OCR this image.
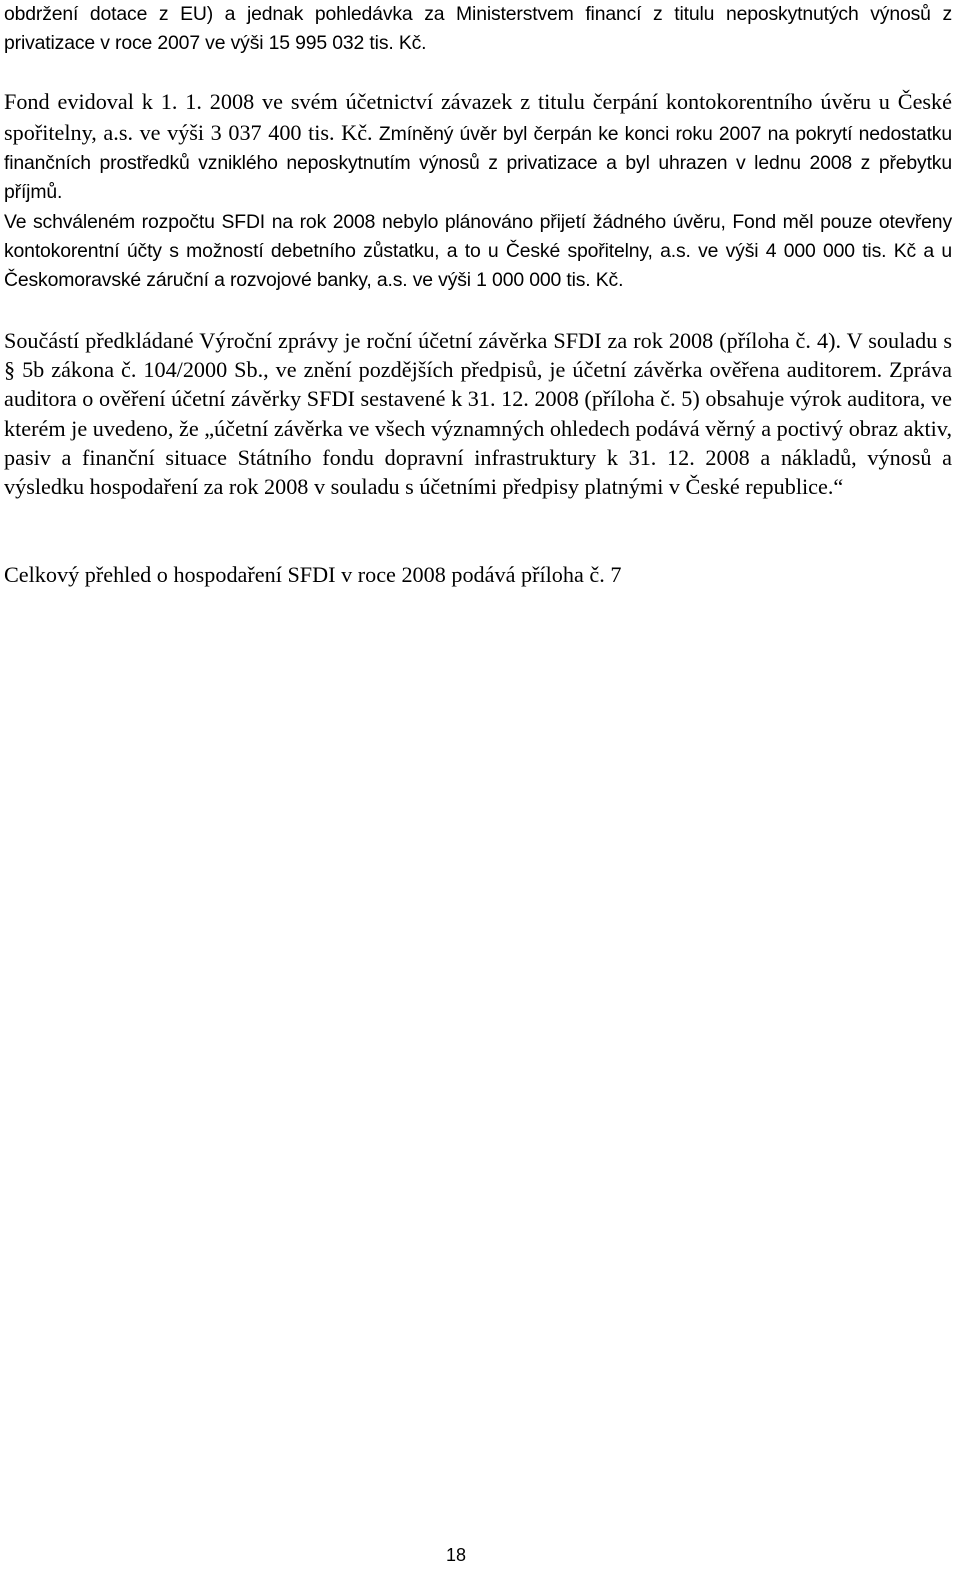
obdržení dotace z EU) a jednak pohledávka za Ministerstvem financí z titulu neposkytnutých výnosů z privatizace v roce 2007 ve výši 15 995 032 tis. Kč.

Fond evidoval k 1. 1. 2008 ve svém účetnictví závazek z titulu čerpání kontokorentního úvěru u České spořitelny, a.s. ve výši 3 037 400 tis. Kč. Zmíněný úvěr byl čerpán ke konci roku 2007 na pokrytí nedostatku finančních prostředků vzniklého neposkytnutím výnosů z privatizace a byl uhrazen v lednu 2008 z přebytku příjmů.

Ve schváleném rozpočtu SFDI na rok 2008 nebylo plánováno přijetí žádného úvěru, Fond měl pouze otevřeny kontokorentní účty s možností debetního zůstatku, a to u České spořitelny, a.s. ve výši 4 000 000 tis. Kč a u Českomoravské záruční a rozvojové banky, a.s. ve výši 1 000 000 tis. Kč.

Součástí předkládané Výroční zprávy je roční účetní závěrka SFDI za rok 2008 (příloha č. 4). V souladu s § 5b zákona č. 104/2000 Sb., ve znění pozdějších předpisů, je účetní závěrka ověřena auditorem. Zpráva auditora o ověření účetní závěrky SFDI sestavené k 31. 12. 2008 (příloha č. 5) obsahuje výrok auditora, ve kterém je uvedeno, že „účetní závěrka ve všech významných ohledech podává věrný a poctivý obraz aktiv, pasiv a finanční situace Státního fondu dopravní infrastruktury k 31. 12. 2008 a nákladů, výnosů a výsledku hospodaření za rok 2008 v souladu s účetními předpisy platnými v České republice.“

Celkový přehled o hospodaření SFDI v roce 2008 podává příloha č. 7

18
